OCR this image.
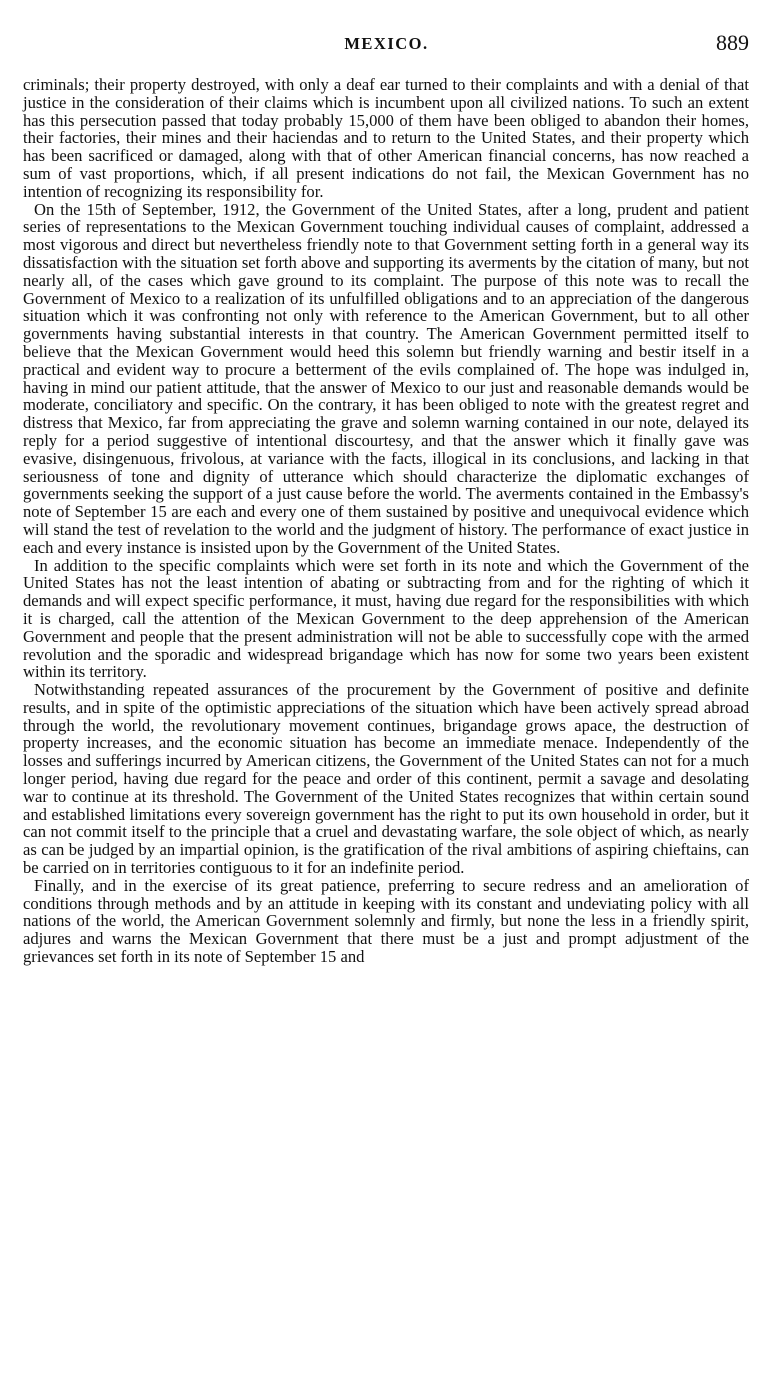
MEXICO.	889

criminals; their property destroyed, with only a deaf ear turned to their complaints and with a denial of that justice in the consideration of their claims which is incumbent upon all civilized nations. To such an extent has this persecution passed that today probably 15,000 of them have been obliged to abandon their homes, their factories, their mines and their haciendas and to return to the United States, and their property which has been sacrificed or damaged, along with that of other American financial concerns, has now reached a sum of vast proportions, which, if all present indications do not fail, the Mexican Government has no intention of recognizing its responsibility for.

On the 15th of September, 1912, the Government of the United States, after a long, prudent and patient series of representations to the Mexican Government touching individual causes of complaint, addressed a most vigorous and direct but nevertheless friendly note to that Government setting forth in a general way its dissatisfaction with the situation set forth above and supporting its averments by the citation of many, but not nearly all, of the cases which gave ground to its complaint. The purpose of this note was to recall the Government of Mexico to a realization of its unfulfilled obligations and to an appreciation of the dangerous situation which it was confronting not only with reference to the American Government, but to all other governments having substantial interests in that country. The American Government permitted itself to believe that the Mexican Government would heed this solemn but friendly warning and bestir itself in a practical and evident way to procure a betterment of the evils complained of. The hope was indulged in, having in mind our patient attitude, that the answer of Mexico to our just and reasonable demands would be moderate, conciliatory and specific. On the contrary, it has been obliged to note with the greatest regret and distress that Mexico, far from appreciating the grave and solemn warning contained in our note, delayed its reply for a period suggestive of intentional discourtesy, and that the answer which it finally gave was evasive, disingenuous, frivolous, at variance with the facts, illogical in its conclusions, and lacking in that seriousness of tone and dignity of utterance which should characterize the diplomatic exchanges of governments seeking the support of a just cause before the world. The averments contained in the Embassy's note of September 15 are each and every one of them sustained by positive and unequivocal evidence which will stand the test of revelation to the world and the judgment of history. The performance of exact justice in each and every instance is insisted upon by the Government of the United States.

In addition to the specific complaints which were set forth in its note and which the Government of the United States has not the least intention of abating or subtracting from and for the righting of which it demands and will expect specific performance, it must, having due regard for the responsibilities with which it is charged, call the attention of the Mexican Government to the deep apprehension of the American Government and people that the present administration will not be able to successfully cope with the armed revolution and the sporadic and widespread brigandage which has now for some two years been existent within its territory.

Notwithstanding repeated assurances of the procurement by the Government of positive and definite results, and in spite of the optimistic appreciations of the situation which have been actively spread abroad through the world, the revolutionary movement continues, brigandage grows apace, the destruction of property increases, and the economic situation has become an immediate menace. Independently of the losses and sufferings incurred by American citizens, the Government of the United States can not for a much longer period, having due regard for the peace and order of this continent, permit a savage and desolating war to continue at its threshold. The Government of the United States recognizes that within certain sound and established limitations every sovereign government has the right to put its own household in order, but it can not commit itself to the principle that a cruel and devastating warfare, the sole object of which, as nearly as can be judged by an impartial opinion, is the gratification of the rival ambitions of aspiring chieftains, can be carried on in territories contiguous to it for an indefinite period.

Finally, and in the exercise of its great patience, preferring to secure redress and an amelioration of conditions through methods and by an attitude in keeping with its constant and undeviating policy with all nations of the world, the American Government solemnly and firmly, but none the less in a friendly spirit, adjures and warns the Mexican Government that there must be a just and prompt adjustment of the grievances set forth in its note of September 15 and
